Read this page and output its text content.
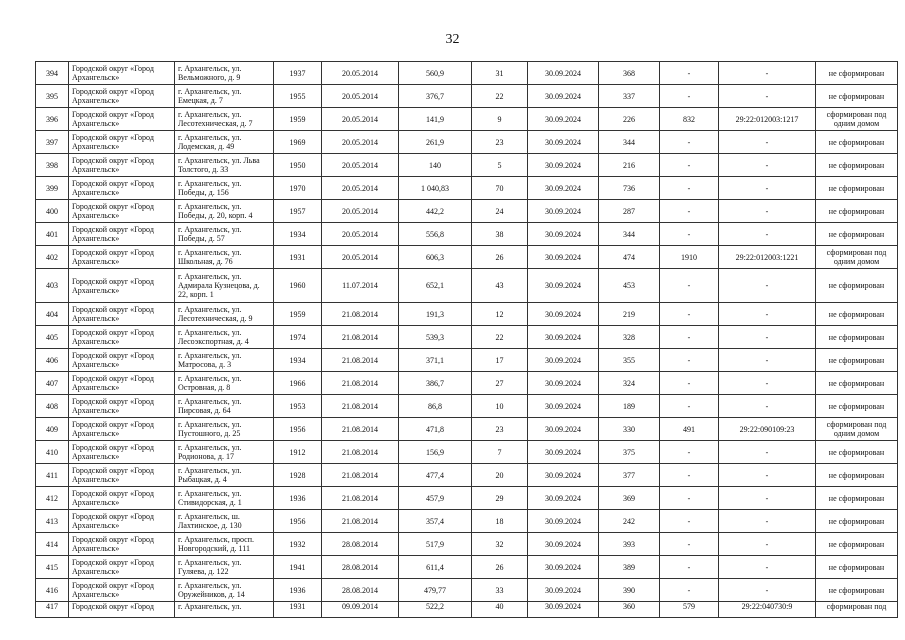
32
394	Городской округ «Город Архангельск»	г. Архангельск, ул. Вельможного, д. 9	1937	20.05.2014	560,9	31	30.09.2024	368	-	-	не сформирован
395	Городской округ «Город Архангельск»	г. Архангельск, ул. Емецкая, д. 7	1955	20.05.2014	376,7	22	30.09.2024	337	-	-	не сформирован
396	Городской округ «Город Архангельск»	г. Архангельск, ул. Лесотехническая, д. 7	1959	20.05.2014	141,9	9	30.09.2024	226	832	29:22:012003:1217	сформирован под одним домом
397	Городской округ «Город Архангельск»	г. Архангельск, ул. Лодемская, д. 49	1969	20.05.2014	261,9	23	30.09.2024	344	-	-	не сформирован
398	Городской округ «Город Архангельск»	г. Архангельск, ул. Льва Толстого, д. 33	1950	20.05.2014	140	5	30.09.2024	216	-	-	не сформирован
399	Городской округ «Город Архангельск»	г. Архангельск, ул. Победы, д. 156	1970	20.05.2014	1 040,83	70	30.09.2024	736	-	-	не сформирован
400	Городской округ «Город Архангельск»	г. Архангельск, ул. Победы, д. 20, корп. 4	1957	20.05.2014	442,2	24	30.09.2024	287	-	-	не сформирован
401	Городской округ «Город Архангельск»	г. Архангельск, ул. Победы, д. 57	1934	20.05.2014	556,8	38	30.09.2024	344	-	-	не сформирован
402	Городской округ «Город Архангельск»	г. Архангельск, ул. Школьная, д. 76	1931	20.05.2014	606,3	26	30.09.2024	474	1910	29:22:012003:1221	сформирован под одним домом
403	Городской округ «Город Архангельск»	г. Архангельск, ул. Адмирала Кузнецова, д. 22, корп. 1	1960	11.07.2014	652,1	43	30.09.2024	453	-	-	не сформирован
404	Городской округ «Город Архангельск»	г. Архангельск, ул. Лесотехническая, д. 9	1959	21.08.2014	191,3	12	30.09.2024	219	-	-	не сформирован
405	Городской округ «Город Архангельск»	г. Архангельск, ул. Лесоэкспортная, д. 4	1974	21.08.2014	539,3	22	30.09.2024	328	-	-	не сформирован
406	Городской округ «Город Архангельск»	г. Архангельск, ул. Матросова, д. 3	1934	21.08.2014	371,1	17	30.09.2024	355	-	-	не сформирован
407	Городской округ «Город Архангельск»	г. Архангельск, ул. Островная, д. 8	1966	21.08.2014	386,7	27	30.09.2024	324	-	-	не сформирован
408	Городской округ «Город Архангельск»	г. Архангельск, ул. Пирсовая, д. 64	1953	21.08.2014	86,8	10	30.09.2024	189	-	-	не сформирован
409	Городской округ «Город Архангельск»	г. Архангельск, ул. Пустошного, д. 25	1956	21.08.2014	471,8	23	30.09.2024	330	491	29:22:090109:23	сформирован под одним домом
410	Городской округ «Город Архангельск»	г. Архангельск, ул. Родионова, д. 17	1912	21.08.2014	156,9	7	30.09.2024	375	-	-	не сформирован
411	Городской округ «Город Архангельск»	г. Архангельск, ул. Рыбацкая, д. 4	1928	21.08.2014	477,4	20	30.09.2024	377	-	-	не сформирован
412	Городской округ «Город Архангельск»	г. Архангельск, ул. Стивидорская, д. 1	1936	21.08.2014	457,9	29	30.09.2024	369	-	-	не сформирован
413	Городской округ «Город Архангельск»	г. Архангельск, ш. Лахтинское, д. 130	1956	21.08.2014	357,4	18	30.09.2024	242	-	-	не сформирован
414	Городской округ «Город Архангельск»	г. Архангельск, просп. Новгородский, д. 111	1932	28.08.2014	517,9	32	30.09.2024	393	-	-	не сформирован
415	Городской округ «Город Архангельск»	г. Архангельск, ул. Гуляева, д. 122	1941	28.08.2014	611,4	26	30.09.2024	389	-	-	не сформирован
416	Городской округ «Город Архангельск»	г. Архангельск, ул. Оружейников, д. 14	1936	28.08.2014	479,77	33	30.09.2024	390	-	-	не сформирован
417	Городской округ «Город	г. Архангельск, ул.	1931	09.09.2014	522,2	40	30.09.2024	360	579	29:22:040730:9	сформирован под
